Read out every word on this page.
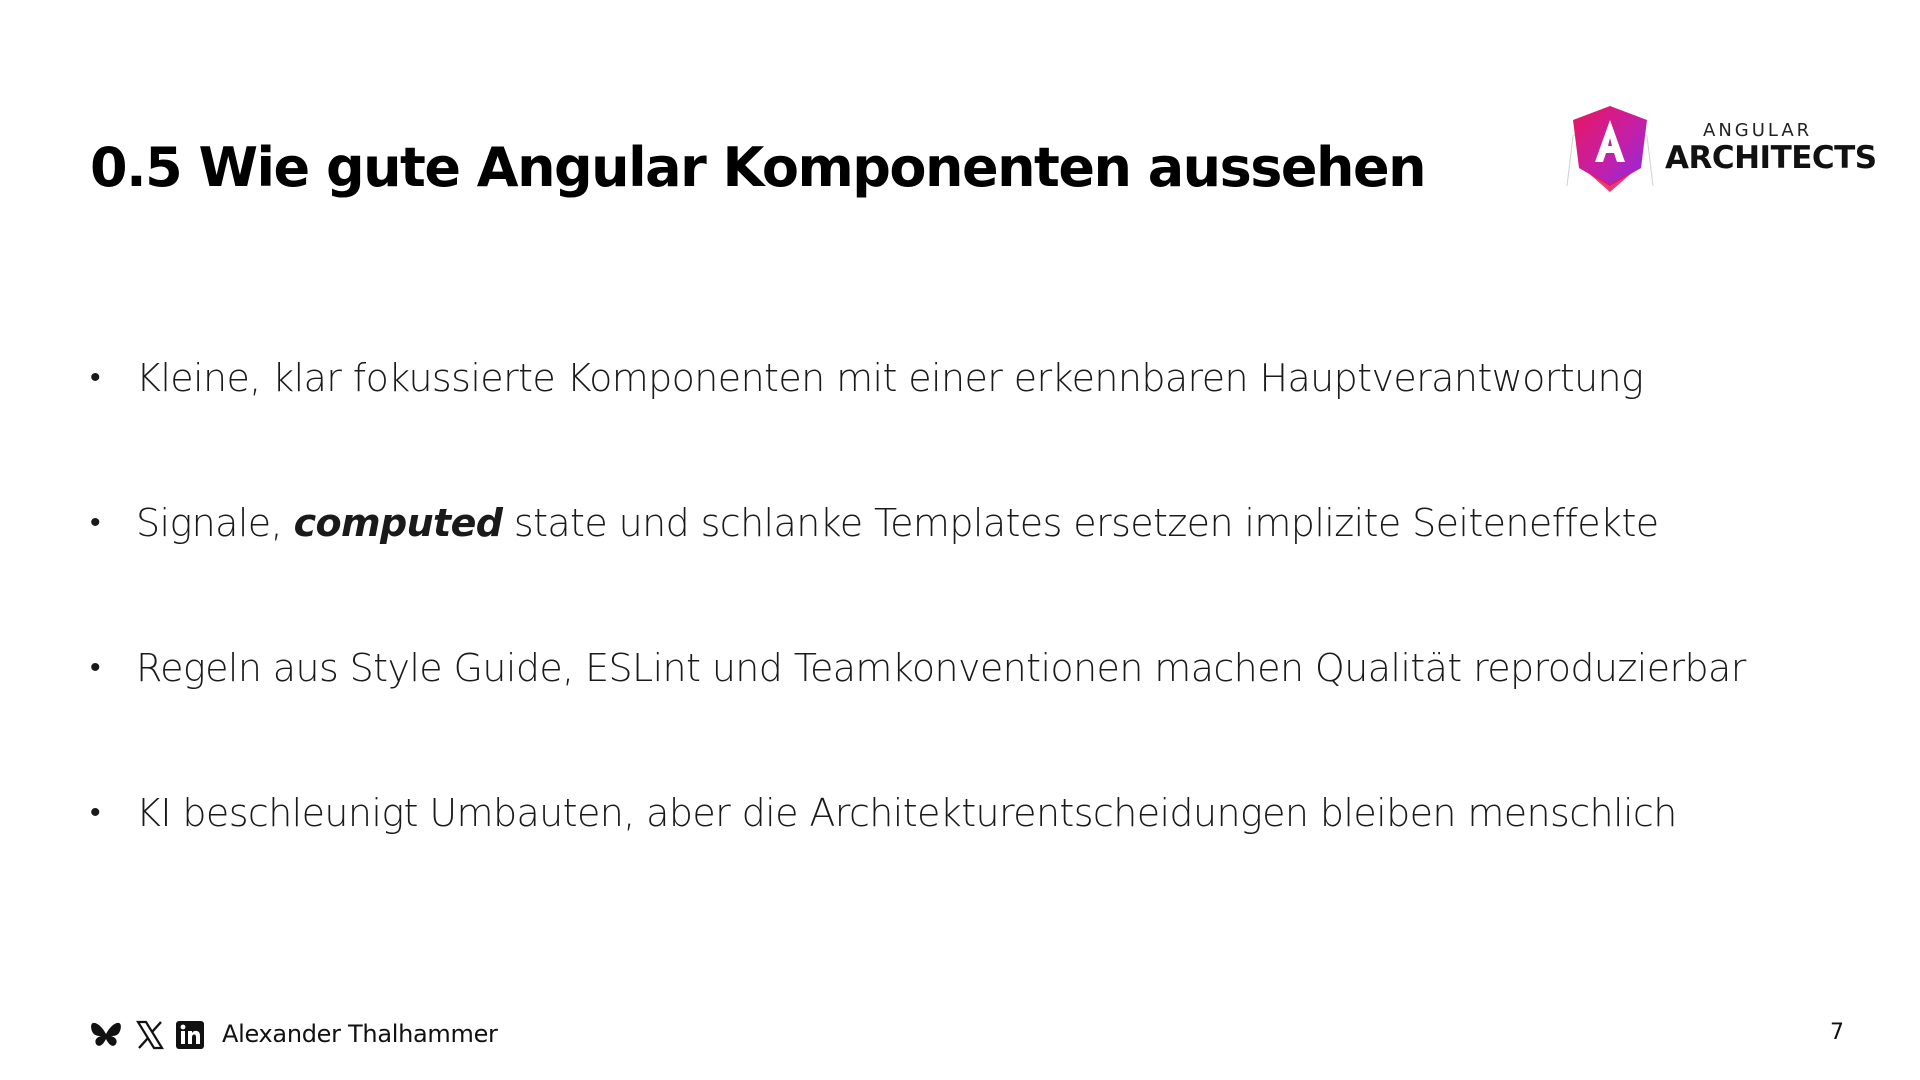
0.5 Wie gute Angular Komponenten aussehen
ANGULAR
ARCHITECTS
• Kleine, klar fokussierte Komponenten mit einer erkennbaren Hauptverantwortung
• Signale, computed state und schlanke Templates ersetzen implizite Seiteneffekte
• Regeln aus Style Guide, ESLint und Teamkonventionen machen Qualität reproduzierbar
• KI beschleunigt Umbauten, aber die Architekturentscheidungen bleiben menschlich
Alexander Thalhammer	7
